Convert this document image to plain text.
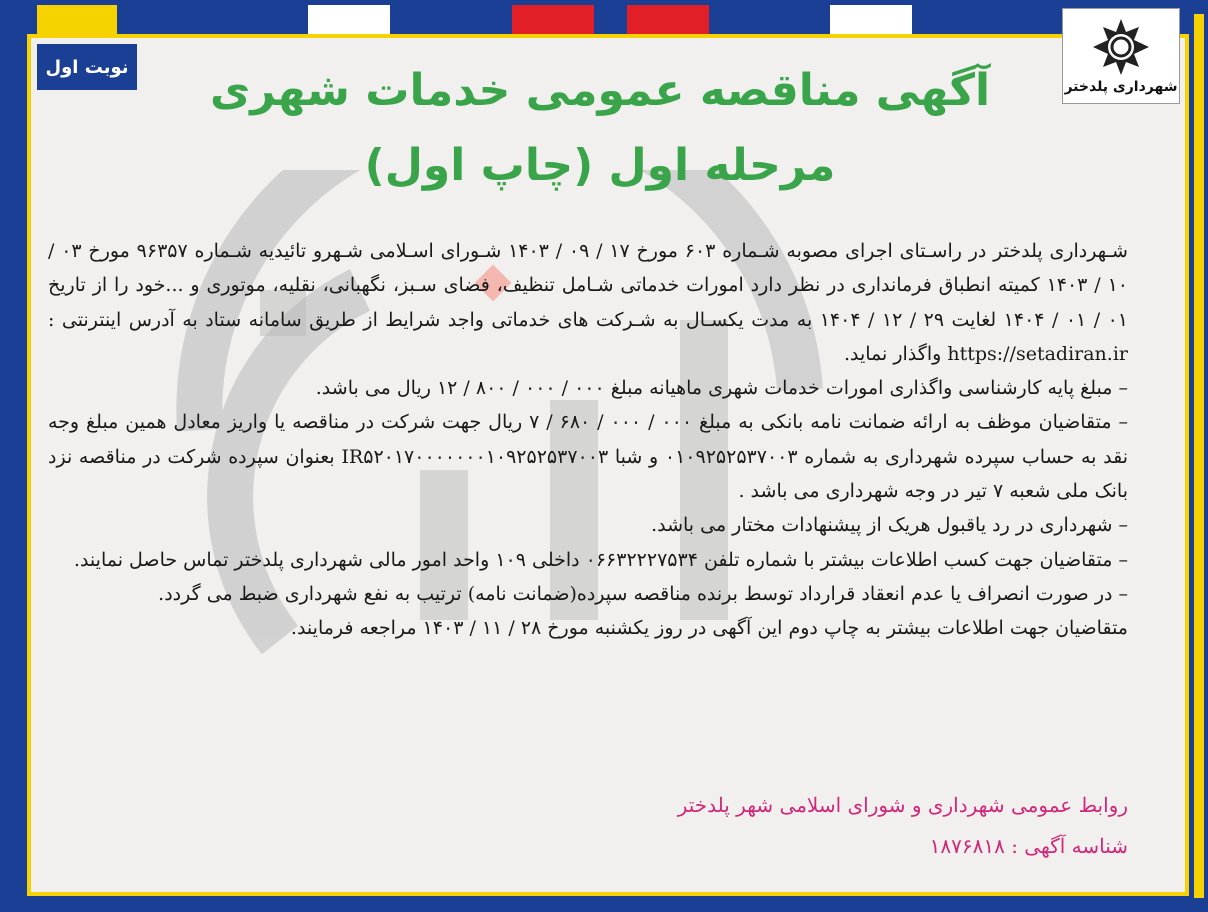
نوبت اول
شهرداری پلدختر
آگهی مناقصه عمومی خدمات شهری
مرحله اول (چاپ اول)

شـهرداری پلدختر در راسـتای اجرای مصوبه شـماره ۶۰۳ مورخ ۱۷ / ۰۹ / ۱۴۰۳ شـورای اسـلامی شـهرو تائیدیه شـماره ۹۶۳۵۷ مورخ ۰۳ / ۱۰ / ۱۴۰۳ کمیته انطباق فرمانداری در نظر دارد امورات خدماتی شـامل تنظیف، فضای سـبز، نگهبانی، نقلیه، موتوری و ...خود را از تاریخ ۰۱ / ۰۱ / ۱۴۰۴ لغایت ۲۹ / ۱۲ / ۱۴۰۴ به مدت یکسـال به شـرکت های خدماتی واجد شرایط از طریق سامانه ستاد به آدرس اینترنتی : https://setadiran.ir واگذار نماید.

– مبلغ پایه کارشناسی واگذاری امورات خدمات شهری ماهیانه مبلغ ۰۰۰ / ۰۰۰ / ۸۰۰ / ۱۲ ریال می باشد.

– متقاضیان موظف به ارائه ضمانت نامه بانکی به مبلغ ۰۰۰ / ۰۰۰ / ۶۸۰ / ۷ ریال جهت شرکت در مناقصه یا واریز معادل همین مبلغ وجه نقد به حساب سپرده شهرداری به شماره ۰۱۰۹۲۵۲۵۳۷۰۰۳ و شبا IR۵۲۰۱۷۰۰۰۰۰۰۰۱۰۹۲۵۲۵۳۷۰۰۳ بعنوان سپرده شرکت در مناقصه نزد بانک ملی شعبه ۷ تیر در وجه شهرداری می باشد .

– شهرداری در رد یاقبول هریک از پیشنهادات مختار می باشد.

– متقاضیان جهت کسب اطلاعات بیشتر با شماره تلفن ۰۶۶۳۲۲۲۷۵۳۴ داخلی ۱۰۹ واحد امور مالی شهرداری پلدختر تماس حاصل نمایند.

– در صورت انصراف یا عدم انعقاد قرارداد توسط برنده مناقصه سپرده(ضمانت نامه) ترتیب به نفع شهرداری ضبط می گردد.

متقاضیان جهت اطلاعات بیشتر به چاپ دوم این آگهی در روز یکشنبه مورخ ۲۸ / ۱۱ / ۱۴۰۳ مراجعه فرمایند.

روابط عمومی شهرداری و شورای اسلامی شهر پلدختر
شناسه آگهی : ۱۸۷۶۸۱۸
